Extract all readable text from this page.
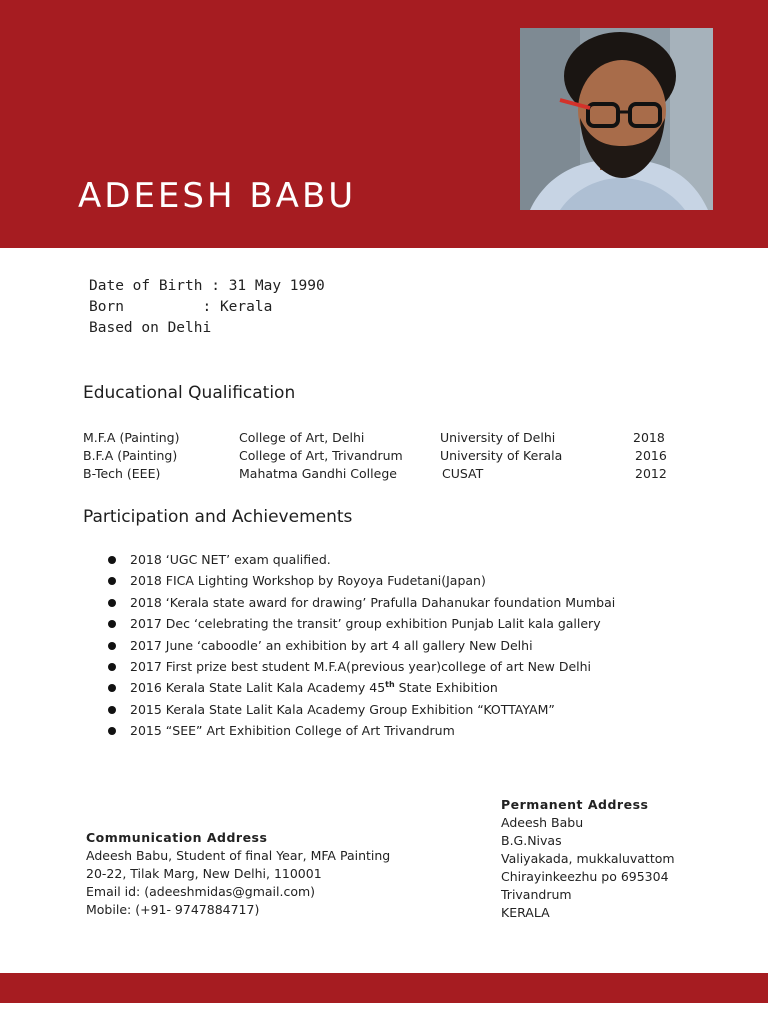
ADEESH BABU
Date of Birth : 31 May 1990
Born         : Kerala
Based on Delhi
Educational Qualification
M.F.A (Painting)	College of Art, Delhi	University of Delhi	2018
B.F.A (Painting)	College of Art, Trivandrum	University of Kerala	2016
B-Tech (EEE)	Mahatma Gandhi College	CUSAT	2012
Participation and Achievements
2018 ‘UGC NET’ exam qualified.
2018 FICA Lighting Workshop by Royoya Fudetani(Japan)
2018 ‘Kerala state award for drawing’ Prafulla Dahanukar foundation Mumbai
2017 Dec ‘celebrating the transit’ group exhibition Punjab Lalit kala gallery
2017 June ‘caboodle’ an exhibition by art 4 all gallery New Delhi
2017 First prize best student M.F.A(previous year)college of art New Delhi
2016 Kerala State Lalit Kala Academy 45th State Exhibition
2015 Kerala State Lalit Kala Academy Group Exhibition “KOTTAYAM”
2015 “SEE” Art Exhibition College of Art Trivandrum
Communication Address
Adeesh Babu, Student of final Year, MFA Painting
20-22, Tilak Marg, New Delhi, 110001
Email id: (adeeshmidas@gmail.com)
Mobile: (+91- 9747884717)
Permanent Address
Adeesh Babu
B.G.Nivas
Valiyakada, mukkaluvattom
Chirayinkeezhu po 695304
Trivandrum
KERALA
